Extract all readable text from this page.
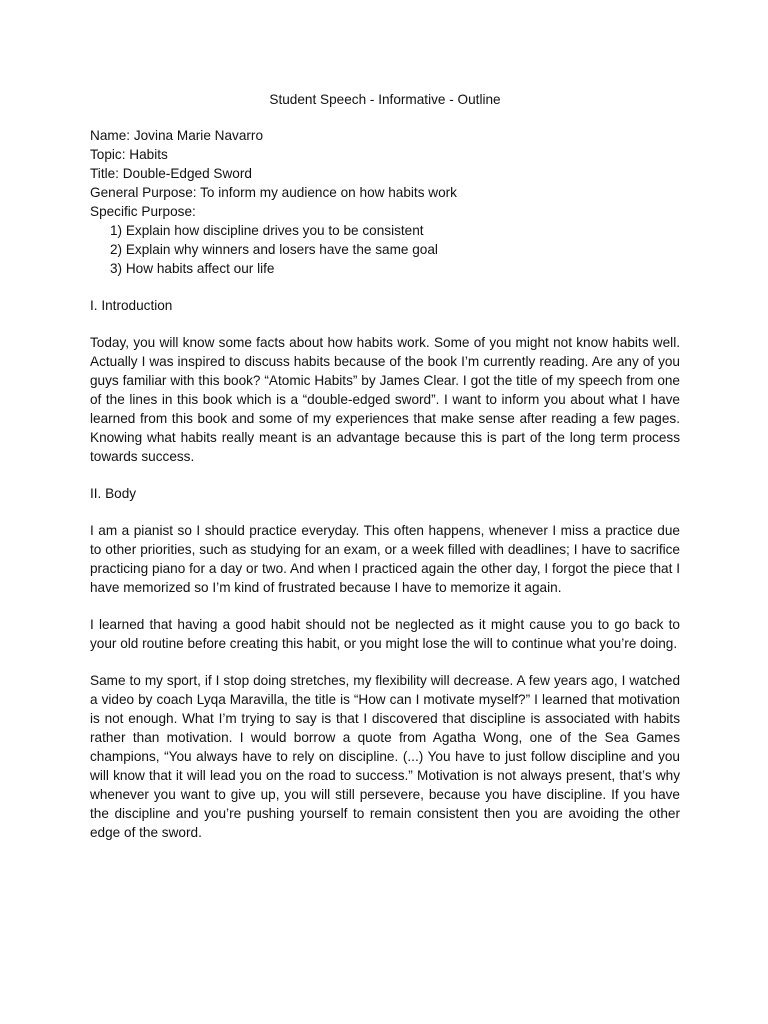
Student Speech - Informative - Outline

Name: Jovina Marie Navarro

Topic: Habits

Title: Double-Edged Sword

General Purpose: To inform my audience on how habits work

Specific Purpose:

1) Explain how discipline drives you to be consistent
2) Explain why winners and losers have the same goal
3) How habits affect our life
I. Introduction

Today, you will know some facts about how habits work. Some of you might not know habits well. Actually I was inspired to discuss habits because of the book I’m currently reading. Are any of you guys familiar with this book? “Atomic Habits” by James Clear. I got the title of my speech from one of the lines in this book which is a “double-edged sword”. I want to inform you about what I have learned from this book and some of my experiences that make sense after reading a few pages. Knowing what habits really meant is an advantage because this is part of the long term process towards success.

II. Body

I am a pianist so I should practice everyday. This often happens, whenever I miss a practice due to other priorities, such as studying for an exam, or a week filled with deadlines; I have to sacrifice practicing piano for a day or two. And when I practiced again the other day, I forgot the piece that I have memorized so I’m kind of frustrated because I have to memorize it again.

I learned that having a good habit should not be neglected as it might cause you to go back to your old routine before creating this habit, or you might lose the will to continue what you’re doing.

Same to my sport, if I stop doing stretches, my flexibility will decrease. A few years ago, I watched a video by coach Lyqa Maravilla, the title is “How can I motivate myself?” I learned that motivation is not enough. What I’m trying to say is that I discovered that discipline is associated with habits rather than motivation. I would borrow a quote from Agatha Wong, one of the Sea Games champions, “You always have to rely on discipline. (...) You have to just follow discipline and you will know that it will lead you on the road to success.” Motivation is not always present, that’s why whenever you want to give up, you will still persevere, because you have discipline. If you have the discipline and you’re pushing yourself to remain consistent then you are avoiding the other edge of the sword.
